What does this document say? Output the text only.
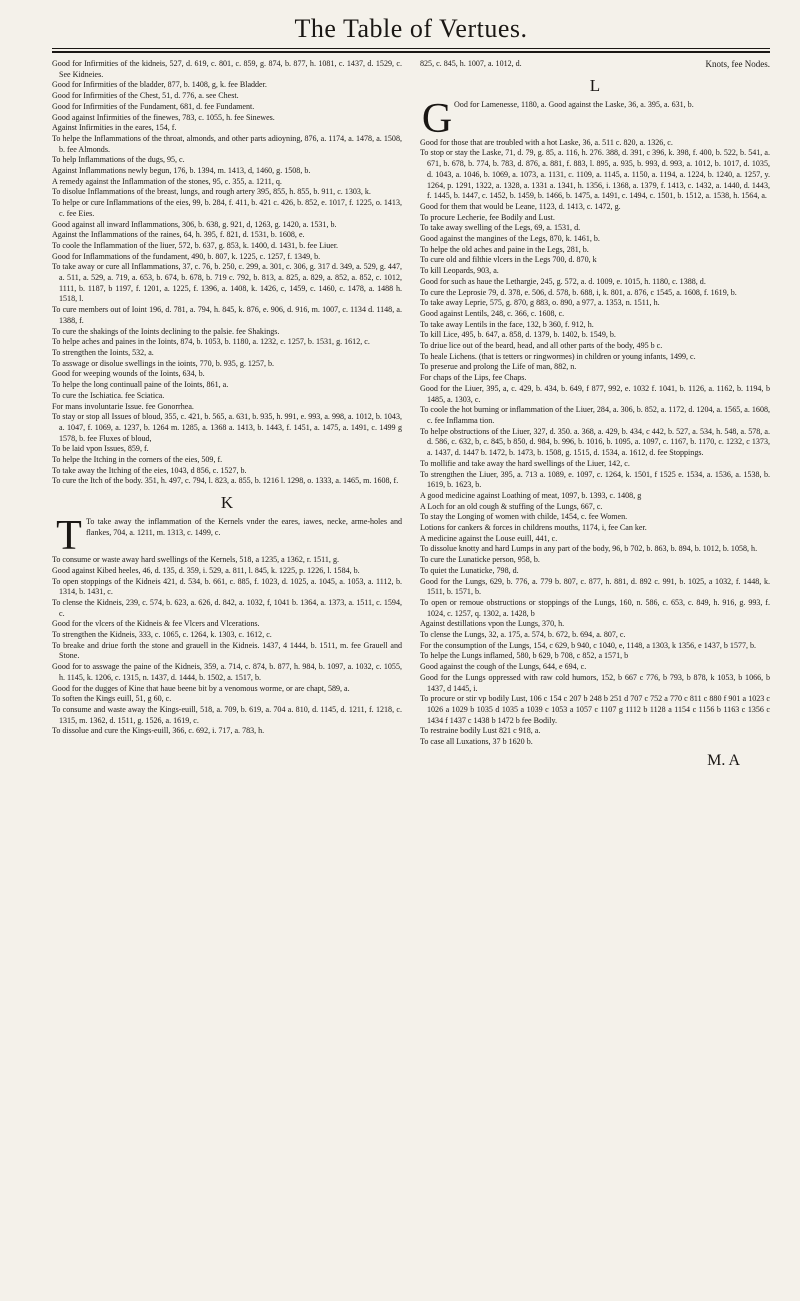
The Table of Vertues.

Good for Infirmities of the kidneis, 527, d. 619, c. 801, c. 859, g. 874, b. 877, h. 1081, c. 1437, d. 1529, c. See Kidneies.

Good for Infirmities of the bladder, 877, b. 1408, g, k. fee Bladder.

Good for Infirmities of the Chest, 51, d. 776, a. see Chest.

Good for Infirmities of the Fundament, 681, d. fee Fundament.

Good against Infirmities of the finewes, 783, c. 1055, h. fee Sinewes.

Against Infirmities in the eares, 154, f.

To helpe the Inflammations of the throat, almonds, and other parts adioyning, 876, a. 1174, a. 1478, a. 1508, b. fee Almonds.

To help Inflammations of the dugs, 95, c.

Against Inflammations newly begun, 176, b. 1394, m. 1413, d, 1460, g. 1508, b.

A remedy against the Inflammation of the stones, 95, c. 355, a. 1211, q.

To disolue Inflammations of the breast, lungs, and rough artery 395, 855, h. 855, b. 911, c. 1303, k.

To helpe or cure Inflammations of the eies, 99, b. 284, f. 411, b. 421 c. 426, b. 852, e. 1017, f. 1225, o. 1413, c. fee Eies.

Good against all inward Inflammations, 306, b. 638, g. 921, d, 1263, g. 1420, a. 1531, b.

Against the Inflammations of the raines, 64, h. 395, f. 821, d. 1531, b. 1608, e.

To coole the Inflammation of the liuer, 572, b. 637, g. 853, k. 1400, d. 1431, b. fee Liuer.

Good for Inflammations of the fundament, 490, b. 807, k. 1225, c. 1257, f. 1349, b.

To take away or cure all Inflammations, 37, c. 76, b. 250, c. 299, a. 301, c. 306, g. 317 d. 349, a. 529, g. 447, a. 511, a. 529, a. 719, a. 653, b. 674, b. 678, b. 719 c. 792, b. 813, a. 825, a. 829, a. 852, a. 852, c. 1012, 1111, b. 1187, b 1197, f. 1201, a. 1225, f. 1396, a. 1408, k. 1426, c, 1459, c. 1460, c. 1478, a. 1488 h. 1518, l.

To cure members out of Ioint 196, d. 781, a. 794, h. 845, k. 876, e. 906, d. 916, m. 1007, c. 1134 d. 1148, a. 1388, f.

To cure the shakings of the Ioints declining to the palsie. fee Shakings.

To helpe aches and paines in the Ioints, 874, b. 1053, b. 1180, a. 1232, c. 1257, b. 1531, g. 1612, c.

To strengthen the Ioints, 532, a.

To asswage or disolue swellings in the ioints, 770, b. 935, g. 1257, b.

Good for weeping wounds of the Ioints, 634, b.

To helpe the long continuall paine of the Ioints, 861, a.

To cure the Ischiatica. fee Sciatica.

For mans involuntarie Issue. fee Gonorrhea.

To stay or stop all Issues of bloud, 355, c. 421, b. 565, a. 631, b. 935, h. 991, e. 993, a. 998, a. 1012, b. 1043, a. 1047, f. 1069, a. 1237, b. 1264 m. 1285, a. 1368 a. 1413, b. 1443, f. 1451, a. 1475, a. 1491, c. 1499 g 1578, b. fee Fluxes of bloud,

To be laid vpon Issues, 859, f.

To helpe the Itching in the corners of the eies, 509, f.

To take away the Itching of the eies, 1043, d 856, c. 1527, b.

To cure the Itch of the body. 351, h. 497, c. 794, l. 823, a. 855, b. 1216 l. 1298, o. 1333, a. 1465, m. 1608, f.

K
T To take away the inflammation of the Kernels vnder the eares, iawes, necke, arme-holes and flankes, 704, a. 1211, m. 1313, c. 1499, c.

To consume or waste away hard swellings of the Kernels, 518, a 1235, a 1362, r. 1511, g.

Good against Kibed heeles, 46, d. 135, d. 359, i. 529, a. 811, l. 845, k. 1225, p. 1226, l. 1584, b.

To open stoppings of the Kidneis 421, d. 534, b. 661, c. 885, f. 1023, d. 1025, a. 1045, a. 1053, a. 1112, b. 1314, b. 1431, c.

To clense the Kidneis, 239, c. 574, b. 623, a. 626, d. 842, a. 1032, f, 1041 b. 1364, a. 1373, a. 1511, c. 1594, c.

Good for the vlcers of the Kidneis & fee Vlcers and Vlcerations.

To strengthen the Kidneis, 333, c. 1065, c. 1264, k. 1303, c. 1612, c.

To breake and driue forth the stone and grauell in the Kidneis. 1437, 4 1444, b. 1511, m. fee Grauell and Stone.

Good for to asswage the paine of the Kidneis, 359, a. 714, c. 874, b. 877, h. 984, b. 1097, a. 1032, c. 1055, h. 1145, k. 1206, c. 1315, n. 1437, d. 1444, b. 1502, a. 1517, b.

Good for the dugges of Kine that haue beene bit by a venomous worme, or are chapt, 589, a.

To soften the Kings euill, 51, g 60, c.

To consume and waste away the Kings-euill, 518, a. 709, b. 619, a. 704 a. 810, d. 1145, d. 1211, f. 1218, c. 1315, m. 1362, d. 1511, g. 1526, a. 1619, c.

To dissolue and cure the Kings-euill, 366, c. 692, i. 717, a. 783, h.

825, c. 845, h. 1007, a. 1012, d.	Knots, fee Nodes.
L
G Ood for Lamenesse, 1180, a. Good against the Laske, 36, a. 395, a. 631, b.

Good for those that are troubled with a hot Laske, 36, a. 511 c. 820, a. 1326, c.

To stop or stay the Laske, 71, d. 79, g. 85, a. 116, h. 276. 388, d. 391, c 396, k. 398, f. 400, b. 522, b. 541, a. 671, b. 678, b. 774, b. 783, d. 876, a. 881, f. 883, l. 895, a. 935, b. 993, d. 993, a. 1012, b. 1017, d. 1035, d. 1043, a. 1046, b. 1069, a. 1073, a. 1131, c. 1109, a. 1145, a. 1150, a. 1194, a. 1224, b. 1240, a. 1257, y. 1264, p. 1291, 1322, a. 1328, a. 1331 a. 1341, h. 1356, i. 1368, a. 1379, f. 1413, c. 1432, a. 1440, d. 1443, f. 1445, b. 1447, c. 1452, b. 1459, b. 1466, b. 1475, a. 1491, c. 1494, c. 1501, b. 1512, a. 1538, h. 1564, a.

Good for them that would be Leane, 1123, d. 1413, c. 1472, g.

To procure Lecherie, fee Bodily and Lust.

To take away swelling of the Legs, 69, a. 1531, d.

Good against the mangines of the Legs, 870, k. 1461, b.

To helpe the old aches and paine in the Legs, 281, b.

To cure old and filthie vlcers in the Legs 700, d. 870, k

To kill Leopards, 903, a.

Good for such as haue the Lethargie, 245, g. 572, a. d. 1009, e. 1015, h. 1180, c. 1388, d.

To cure the Leprosie 79, d. 378, e. 506, d. 578, b. 688, i, k. 801, a. 876, c 1545, a. 1608, f. 1619, b.

To take away Leprie, 575, g. 870, g 883, o. 890, a 977, a. 1353, n. 1511, h.

Good against Lentils, 248, c. 366, c. 1608, c.

To take away Lentils in the face, 132, b 360, f. 912, h.

To kill Lice, 495, b. 647, a. 858, d. 1379, b. 1402, b. 1549, b.

To driue lice out of the beard, head, and all other parts of the body, 495 b c.

To heale Lichens. (that is tetters or ringwormes) in children or young infants, 1499, c.

To preserue and prolong the Life of man, 882, n.

For chaps of the Lips, fee Chaps.

Good for the Liuer, 395, a, c. 429, b. 434, b. 649, f 877, 992, e. 1032 f. 1041, b. 1126, a. 1162, b. 1194, b 1485, a. 1303, c.

To coole the hot burning or inflammation of the Liuer, 284, a. 306, b. 852, a. 1172, d. 1204, a. 1565, a. 1608, c. fee Inflamma tion.

To helpe obstructions of the Liuer, 327, d. 350. a. 368, a. 429, b. 434, c 442, b. 527, a. 534, h. 548, a. 578, a. d. 586, c. 632, b, c. 845, b 850, d. 984, b. 996, b. 1016, b. 1095, a. 1097, c. 1167, b. 1170, c. 1232, c 1373, a. 1437, d. 1447 b. 1472, b. 1473, b. 1508, g. 1515, d. 1534, a. 1612, d. fee Stoppings.

To mollifie and take away the hard swellings of the Liuer, 142, c.

To strengthen the Liuer, 395, a. 713 a. 1089, e. 1097, c. 1264, k. 1501, f 1525 e. 1534, a. 1536, a. 1538, b. 1619, b. 1623, b.

A good medicine against Loathing of meat, 1097, b. 1393, c. 1408, g

A Loch for an old cough & stuffing of the Lungs, 667, c.

To stay the Longing of women with childe, 1454, c. fee Women.

Lotions for cankers & forces in childrens mouths, 1174, i, fee Can ker.

A medicine against the Louse euill, 441, c.

To dissolue knotty and hard Lumps in any part of the body, 96, b 702, b. 863, b. 894, b. 1012, b. 1058, h.

To cure the Lunaticke person, 958, b.

To quiet the Lunaticke, 798, d.

Good for the Lungs, 629, b. 776, a. 779 b. 807, c. 877, h. 881, d. 892 c. 991, b. 1025, a 1032, f. 1448, k. 1511, b. 1571, b.

To open or remoue obstructions or stoppings of the Lungs, 160, n. 586, c. 653, c. 849, h. 916, g. 993, f. 1024, c. 1257, q. 1302, a. 1428, b

Against destillations vpon the Lungs, 370, h.

To clense the Lungs, 32, a. 175, a. 574, b. 672, b. 694, a. 807, c.

For the consumption of the Lungs, 154, c 629, b 940, c 1040, e, 1148, a 1303, k 1356, e 1437, b 1577, b.

To helpe the Lungs inflamed, 580, b 629, b 708, c 852, a 1571, b

Good against the cough of the Lungs, 644, e 694, c.

Good for the Lungs oppressed with raw cold humors, 152, b 667 c 776, b 793, b 878, k 1053, b 1066, b 1437, d 1445, i.

To procure or stir vp bodily Lust, 106 c 154 c 207 b 248 b 251 d 707 c 752 a 770 c 811 c 880 f 901 a 1023 c 1026 a 1029 b 1035 d 1035 a 1039 c 1053 a 1057 c 1107 g 1112 b 1128 a 1154 c 1156 b 1163 c 1356 c 1434 f 1437 c 1438 b 1472 b fee Bodily.

To restraine bodily Lust 821 c 918, a.

To case all Luxations, 37 b 1620 b.

M. A
